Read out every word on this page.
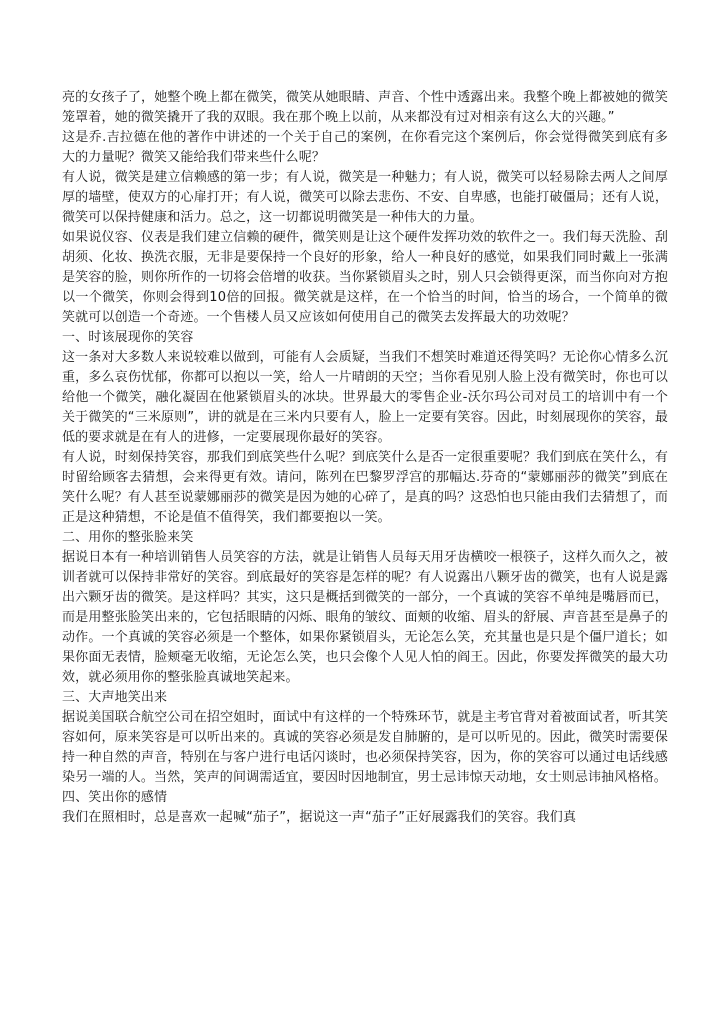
亮的女孩子了，她整个晚上都在微笑，微笑从她眼睛、声音、个性中透露出来。我整个晚上都被她的微笑笼罩着，她的微笑撬开了我的双眼。我在那个晚上以前，从来都没有过对相亲有这么大的兴趣。”

这是乔.吉拉德在他的著作中讲述的一个关于自己的案例，在你看完这个案例后，你会觉得微笑到底有多大的力量呢？微笑又能给我们带来些什么呢？

有人说，微笑是建立信赖感的第一步；有人说，微笑是一种魅力；有人说，微笑可以轻易除去两人之间厚厚的墙壁，使双方的心扉打开；有人说，微笑可以除去悲伤、不安、自卑感，也能打破僵局；还有人说，微笑可以保持健康和活力。总之，这一切都说明微笑是一种伟大的力量。

如果说仪容、仪表是我们建立信赖的硬件，微笑则是让这个硬件发挥功效的软件之一。我们每天洗脸、刮胡须、化妆、换洗衣服，无非是要保持一个良好的形象，给人一种良好的感觉，如果我们同时戴上一张满是笑容的脸，则你所作的一切将会倍增的收获。当你紧锁眉头之时，别人只会锁得更深，而当你向对方抱以一个微笑，你则会得到10倍的回报。微笑就是这样，在一个恰当的时间，恰当的场合，一个简单的微笑就可以创造一个奇迹。一个售楼人员又应该如何使用自己的微笑去发挥最大的功效呢？

一、时该展现你的笑容

这一条对大多数人来说较难以做到，可能有人会质疑，当我们不想笑时难道还得笑吗？无论你心情多么沉重，多么哀伤忧郁，你都可以抱以一笑，给人一片晴朗的天空；当你看见别人脸上没有微笑时，你也可以给他一个微笑，融化凝固在他紧锁眉头的冰块。世界最大的零售企业-沃尔玛公司对员工的培训中有一个关于微笑的“三米原则”，讲的就是在三米内只要有人，脸上一定要有笑容。因此，时刻展现你的笑容，最低的要求就是在有人的进修，一定要展现你最好的笑容。

有人说，时刻保持笑容，那我们到底笑些什么呢？到底笑什么是否一定很重要呢？我们到底在笑什么，有时留给顾客去猜想，会来得更有效。请问，陈列在巴黎罗浮宫的那幅达.芬奇的“蒙娜丽莎的微笑”到底在笑什么呢？有人甚至说蒙娜丽莎的微笑是因为她的心碎了，是真的吗？这恐怕也只能由我们去猜想了，而正是这种猜想，不论是值不值得笑，我们都要抱以一笑。

二、用你的整张脸来笑

据说日本有一种培训销售人员笑容的方法，就是让销售人员每天用牙齿横咬一根筷子，这样久而久之，被训者就可以保持非常好的笑容。到底最好的笑容是怎样的呢？有人说露出八颗牙齿的微笑，也有人说是露出六颗牙齿的微笑。是这样吗？其实，这只是概括到微笑的一部分，一个真诚的笑容不单纯是嘴唇而已，而是用整张脸笑出来的，它包括眼睛的闪烁、眼角的皱纹、面颊的收缩、眉头的舒展、声音甚至是鼻子的动作。一个真诚的笑容必须是一个整体，如果你紧锁眉头，无论怎么笑，充其量也是只是个僵尸道长；如果你面无表情，脸颊毫无收缩，无论怎么笑，也只会像个人见人怕的阎王。因此，你要发挥微笑的最大功效，就必须用你的整张脸真诚地笑起来。

三、大声地笑出来

据说美国联合航空公司在招空姐时，面试中有这样的一个特殊环节，就是主考官背对着被面试者，听其笑容如何，原来笑容是可以听出来的。真诚的笑容必须是发自肺腑的，是可以听见的。因此，微笑时需要保持一种自然的声音，特别在与客户进行电话闪谈时，也必须保持笑容，因为，你的笑容可以通过电话线感染另一端的人。当然，笑声的间调需适宜，要因时因地制宜，男士忌讳惊天动地，女士则忌讳抽风格格。

四、笑出你的感情

我们在照相时，总是喜欢一起喊“茄子”，据说这一声“茄子”正好展露我们的笑容。我们真
